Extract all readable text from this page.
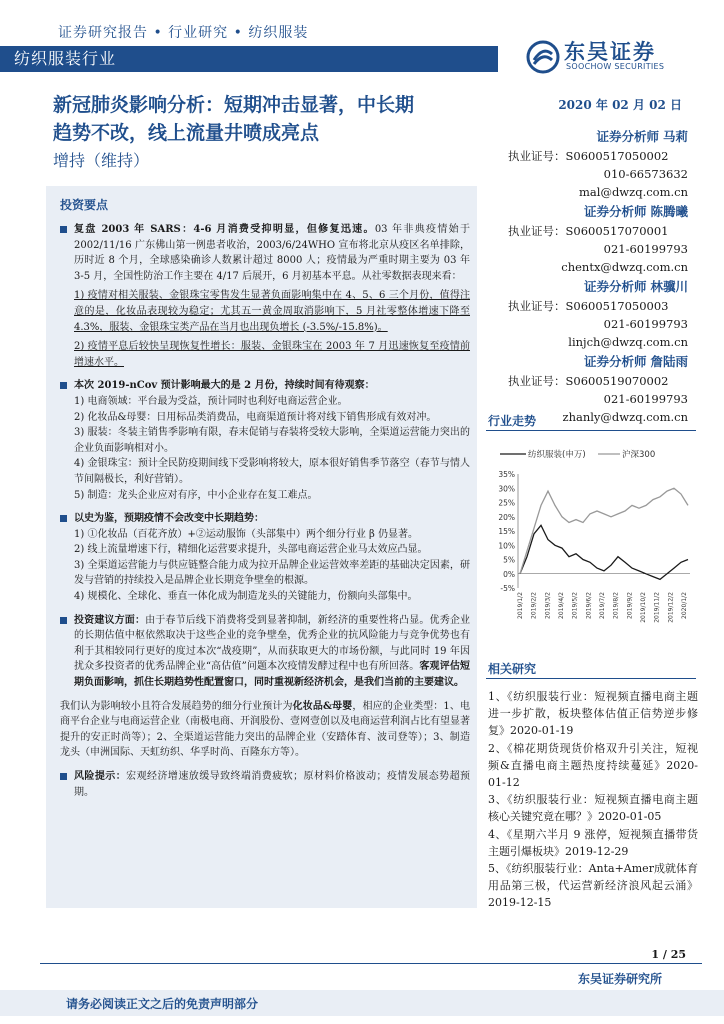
证券研究报告 • 行业研究 • 纺织服装
纺织服装行业	东吴证券
SOOCHOW SECURITIES
新冠肺炎影响分析：短期冲击显著，中长期
趋势不改，线上流量井喷成亮点
增持（维持）
2020 年 02 月 02 日
证券分析师 马莉
执业证号：S0600517050002
010-66573632
mal@dwzq.com.cn
证券分析师 陈腾曦
执业证号：S0600517070001
021-60199793
chentx@dwzq.com.cn
证券分析师 林骥川
执业证号：S0600517050003
021-60199793
linjch@dwzq.com.cn
证券分析师 詹陆雨
执业证号：S0600519070002
021-60199793
zhanly@dwzq.com.cn
投资要点
复盘 2003 年 SARS：4-6 月消费受抑明显，但修复迅速。03 年非典疫情始于 2002/11/16 广东佛山第一例患者收治，2003/6/24WHO 宣布将北京从疫区名单排除，历时近 8 个月，全球感染确诊人数累计超过 8000 人；疫情最为严重时期主要为 03 年 3-5 月，全国性防治工作主要在 4/17 后展开，6 月初基本平息。从社零数据表现来看：
1) 疫情对相关服装、金银珠宝零售发生显著负面影响集中在 4、5、6 三个月份，值得注意的是，化妆品表现较为稳定；尤其五一黄金周取消影响下，5 月社零整体增速下降至 4.3%，服装、金银珠宝类产品在当月也出现负增长 (-3.5%/-15.8%)。
2) 疫情平息后较快呈现恢复性增长：服装、金银珠宝在 2003 年 7 月迅速恢复至疫情前增速水平。
本次 2019-nCov 预计影响最大的是 2 月份，持续时间有待观察：
1) 电商领域：平台最为受益，预计同时也利好电商运营企业。
2) 化妆品&母婴：日用标品类消费品，电商渠道预计将对线下销售形成有效对冲。
3) 服装：冬装主销售季影响有限，春末促销与春装将受较大影响，全渠道运营能力突出的企业负面影响相对小。
4) 金银珠宝：预计全民防疫期间线下受影响将较大，原本很好销售季节落空（春节与情人节间隔极长，利好营销）。
5) 制造：龙头企业应对有序，中小企业存在复工难点。
以史为鉴，预期疫情不会改变中长期趋势：
1) ①化妆品（百花齐放）+②运动服饰（头部集中）两个细分行业 β 仍显著。
2) 线上流量增速下行，精细化运营要求提升，头部电商运营企业马太效应凸显。
3) 全渠道运营能力与供应链整合能力成为拉开品牌企业运营效率差距的基础决定因素，研发与营销的持续投入是品牌企业长期竞争壁垒的根源。
4) 规模化、全球化、垂直一体化成为制造龙头的关键能力，份额向头部集中。
投资建议方面：由于春节后线下消费将受到显著抑制，新经济的重要性将凸显。优秀企业的长期估值中枢依然取决于这些企业的竞争壁垒，优秀企业的抗风险能力与竞争优势也有利于其相较同行更好的度过本次“战疫期”，从而获取更大的市场份额，与此同时 19 年因扰众多投资者的优秀品牌企业“高估值”问题本次疫情发酵过程中也有所回落。客观评估短期负面影响，抓住长期趋势性配置窗口，同时重视新经济机会，是我们当前的主要建议。
我们认为影响较小且符合发展趋势的细分行业预计为化妆品&母婴，相应的企业类型：1、电商平台企业与电商运营企业（南极电商、开润股份、壹网壹创以及电商运营利润占比有望显著提升的安正时尚等）；2、全渠道运营能力突出的品牌企业（安踏体育、波司登等）；3、制造龙头（申洲国际、天虹纺织、华孚时尚、百隆东方等）。
风险提示：宏观经济增速放缓导致终端消费疲软；原材料价格波动；疫情发展态势超预期。
行业走势
纺织服装(申万)	沪深300
35%
30%
25%
20%
15%
10%
5%
0%
-5%
2019/1/2 2019/2/2 2019/3/2 2019/4/2 2019/5/2 2019/6/2 2019/7/2 2019/8/2 2019/9/2 2019/10/2 2019/11/2 2019/12/2 2020/1/2
相关研究
1、《纺织服装行业：短视频直播电商主题进一步扩散，板块整体估值正信势逆步修复》2020-01-19
2、《棉花期货现货价格双升引关注，短视频&直播电商主题热度持续蔓延》2020-01-12
3、《纺织服装行业：短视频直播电商主题核心关键究竟在哪？》2020-01-05
4、《星期六半月 9 涨停，短视频直播带货主题引爆板块》2019-12-29
5、《纺织服装行业：Anta+Amer成就体育用品第三极，代运营新经济浪风起云涌》2019-12-15
1 / 25
东吴证券研究所
请务必阅读正文之后的免责声明部分
